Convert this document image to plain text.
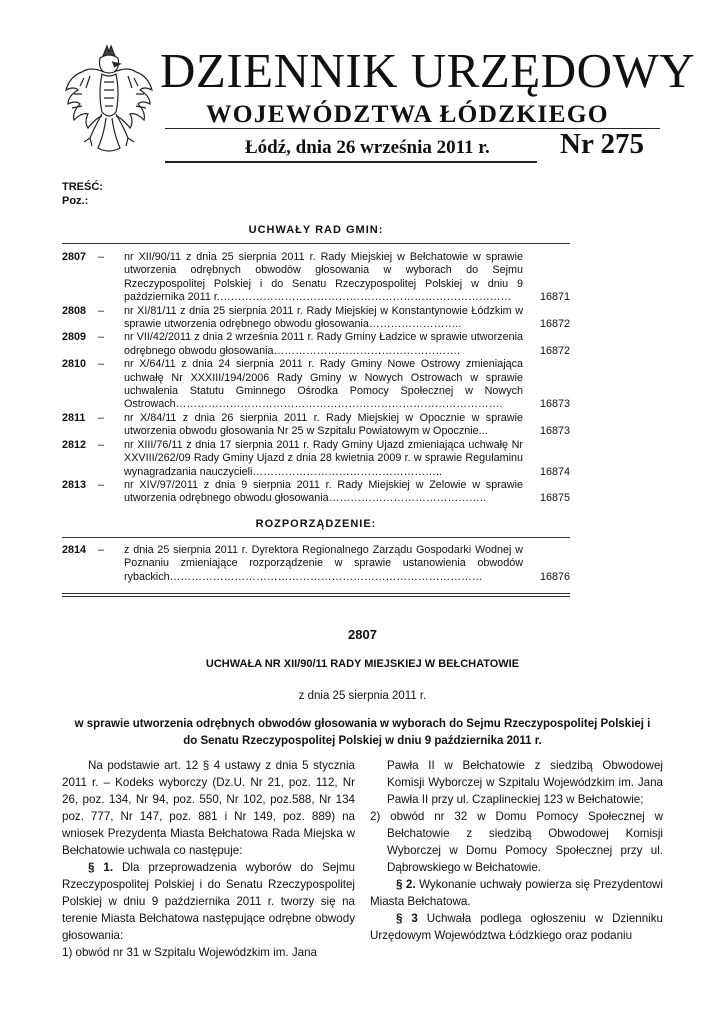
DZIENNIK URZĘDOWY
WOJEWÓDZTWA ŁÓDZKIEGO
Łódź, dnia 26 września 2011 r. Nr 275
TREŚĆ:
Poz.:
UCHWAŁY RAD GMIN:
2807 – nr XII/90/11 z dnia 25 sierpnia 2011 r. Rady Miejskiej w Bełchatowie w sprawie utworzenia odrębnych obwodów głosowania w wyborach do Sejmu Rzeczypospolitej Polskiej i do Senatu Rzeczypospolitej Polskiej w dniu 9 października 2011 r.………………………………………………………………………	16871
2808 – nr XI/81/11 z dnia 25 sierpnia 2011 r. Rady Miejskiej w Konstantynowie Łódzkim w sprawie utworzenia odrębnego obwodu głosowania……………………..	16872
2809 – nr VII/42/2011 z dnia 2 września 2011 r. Rady Gminy Ładzice w sprawie utworzenia odrębnego obwodu głosowania…………………………………………….	16872
2810 – nr X/64/11 z dnia 24 sierpnia 2011 r. Rady Gminy Nowe Ostrowy zmieniająca uchwałę Nr XXXIII/194/2006 Rady Gminy w Nowych Ostrowach w sprawie uchwalenia Statutu Gminnego Ośrodka Pomocy Społecznej w Nowych Ostrowach……………………………………………………………………………….	16873
2811 – nr X/84/11 z dnia 26 sierpnia 2011 r. Rady Miejskiej w Opocznie w sprawie utworzenia obwodu głosowania Nr 25 w Szpitalu Powiatowym w Opocznie...	16873
2812 – nr XIII/76/11 z dnia 17 sierpnia 2011 r. Rady Gminy Ujazd zmieniająca uchwałę Nr XXVIII/262/09 Rady Gminy Ujazd z dnia 28 kwietnia 2009 r. w sprawie Regulaminu wynagradzania nauczycieli……………………………………………..	16874
2813 – nr XIV/97/2011 z dnia 9 sierpnia 2011 r. Rady Miejskiej w Zelowie w sprawie utworzenia odrębnego obwodu głosowania……………………………………..	16875
ROZPORZĄDZENIE:
2814 – z dnia 25 sierpnia 2011 r. Dyrektora Regionalnego Zarządu Gospodarki Wodnej w Poznaniu zmieniające rozporządzenie w sprawie ustanowienia obwodów rybackich……………………………………………………………………………	16876
2807
UCHWAŁA NR XII/90/11 RADY MIEJSKIEJ W BEŁCHATOWIE
z dnia 25 sierpnia 2011 r.
w sprawie utworzenia odrębnych obwodów głosowania w wyborach do Sejmu Rzeczypospolitej Polskiej i do Senatu Rzeczypospolitej Polskiej w dniu 9 października 2011 r.

Na podstawie art. 12 § 4 ustawy z dnia 5 stycznia 2011 r. – Kodeks wyborczy (Dz.U. Nr 21, poz. 112, Nr 26, poz. 134, Nr 94, poz. 550, Nr 102, poz.588, Nr 134 poz. 777, Nr 147, poz. 881 i Nr 149, poz. 889) na wniosek Prezydenta Miasta Bełchatowa Rada Miejska w Bełchatowie uchwala co następuje:

§ 1. Dla przeprowadzenia wyborów do Sejmu Rzeczypospolitej Polskiej i do Senatu Rzeczypospolitej Polskiej w dniu 9 października 2011 r. tworzy się na terenie Miasta Bełchatowa następujące odrębne obwody głosowania:

1) obwód nr 31 w Szpitalu Wojewódzkim im. Jana

Pawła II w Bełchatowie z siedzibą Obwodowej Komisji Wyborczej w Szpitalu Wojewódzkim im. Jana Pawła II przy ul. Czaplineckiej 123 w Bełchatowie;

2) obwód nr 32 w Domu Pomocy Społecznej w Bełchatowie z siedzibą Obwodowej Komisji Wyborczej w Domu Pomocy Społecznej przy ul. Dąbrowskiego w Bełchatowie.

§ 2. Wykonanie uchwały powierza się Prezydentowi Miasta Bełchatowa.

§ 3 Uchwała podlega ogłoszeniu w Dzienniku Urzędowym Województwa Łódzkiego oraz podaniu
